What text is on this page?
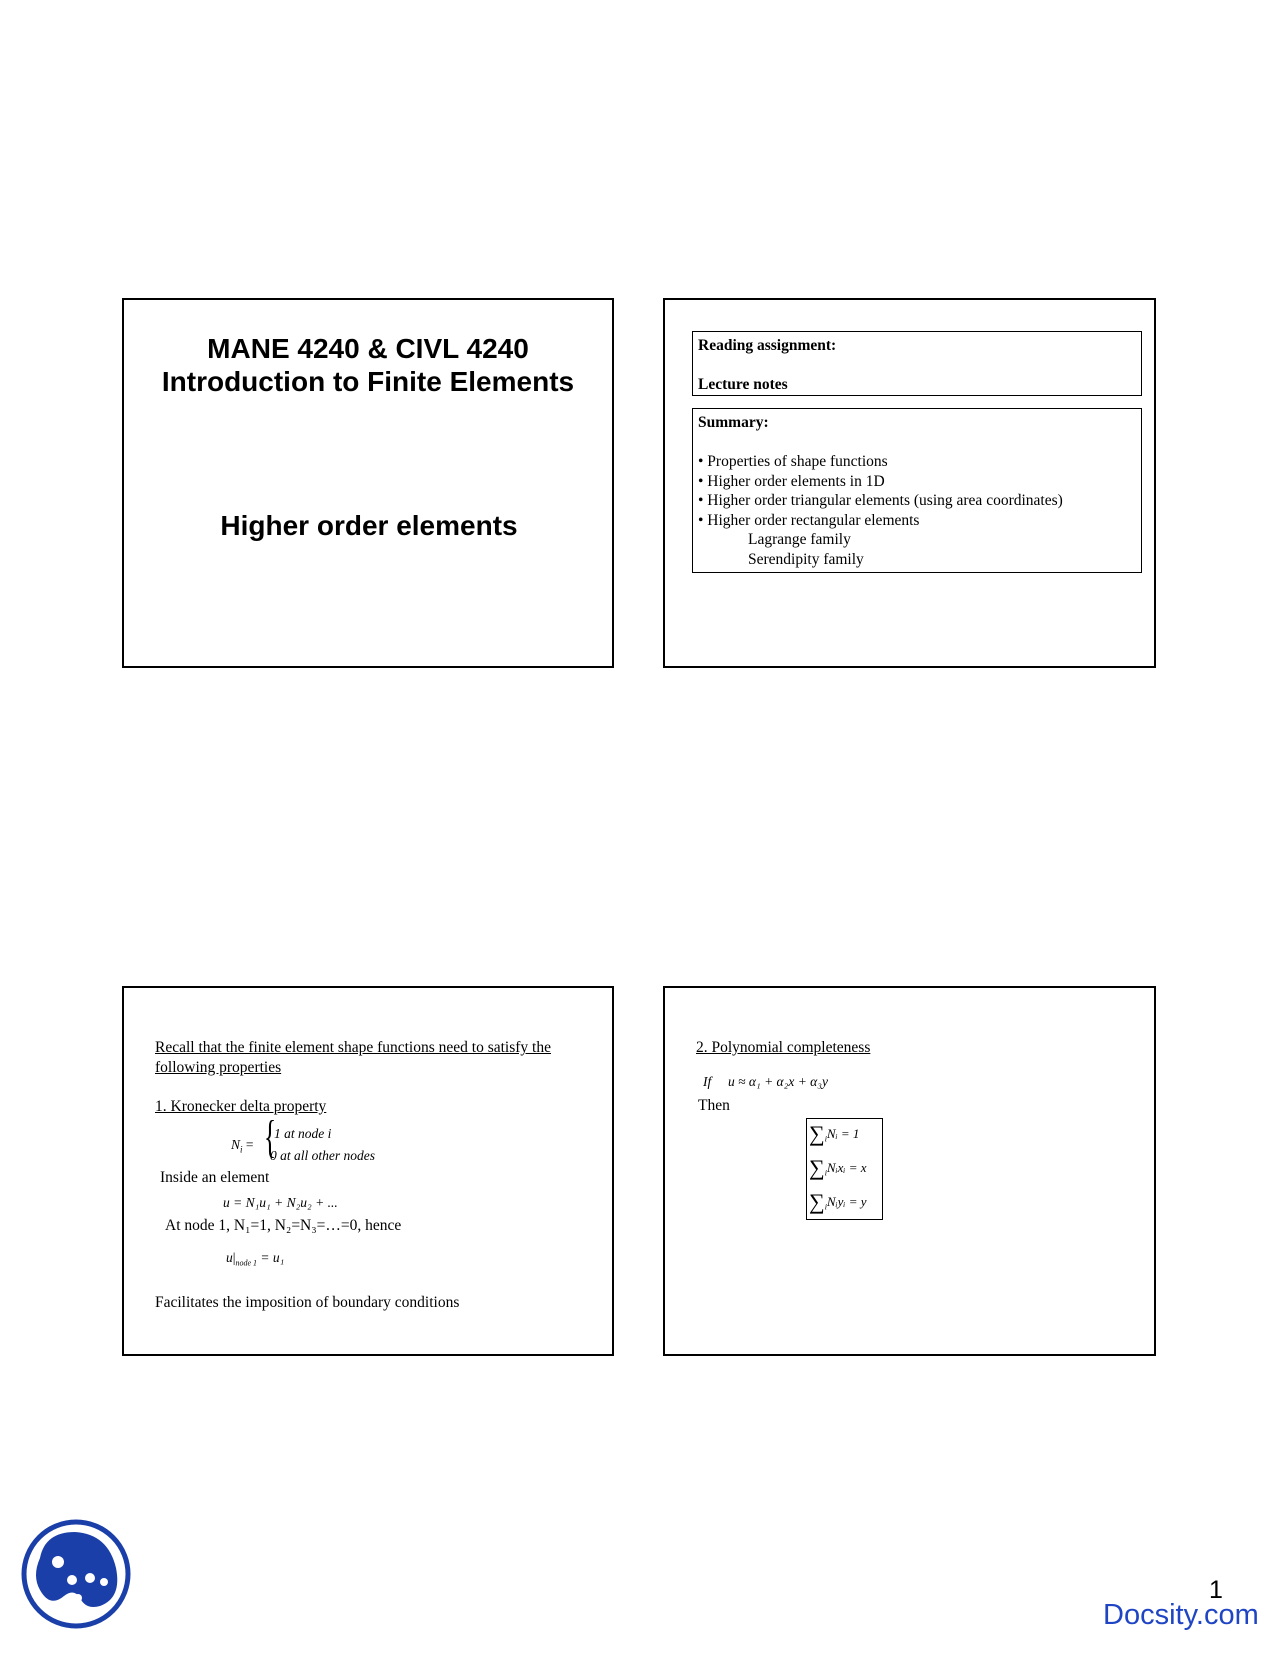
MANE 4240 & CIVL 4240
Introduction to Finite Elements
Higher order elements

Reading assignment:

Lecture notes

Summary:

• Properties of shape functions

• Higher order elements in 1D

• Higher order triangular elements (using area coordinates)

• Higher order rectangular elements

Lagrange family

Serendipity family

Recall that the finite element shape functions need to satisfy the
following properties
1. Kronecker delta property
$N_i$ = {
1 at node i
0 at all other nodes
Inside an element
u = N₁u₁ + N₂u₂ + ...
At node 1, N₁=1, N₂=N₃=…=0, hence
$u|_{node 1} = u_1$
Facilitates the imposition of boundary conditions
2. Polynomial completeness
If u ≈ α₁ + α₂x + α₃y
Then
$\sum_iNᵢ = 1$
$\sum_iNᵢxᵢ = x$
$\sum_iNᵢyᵢ = y$
1
Docsity.com
